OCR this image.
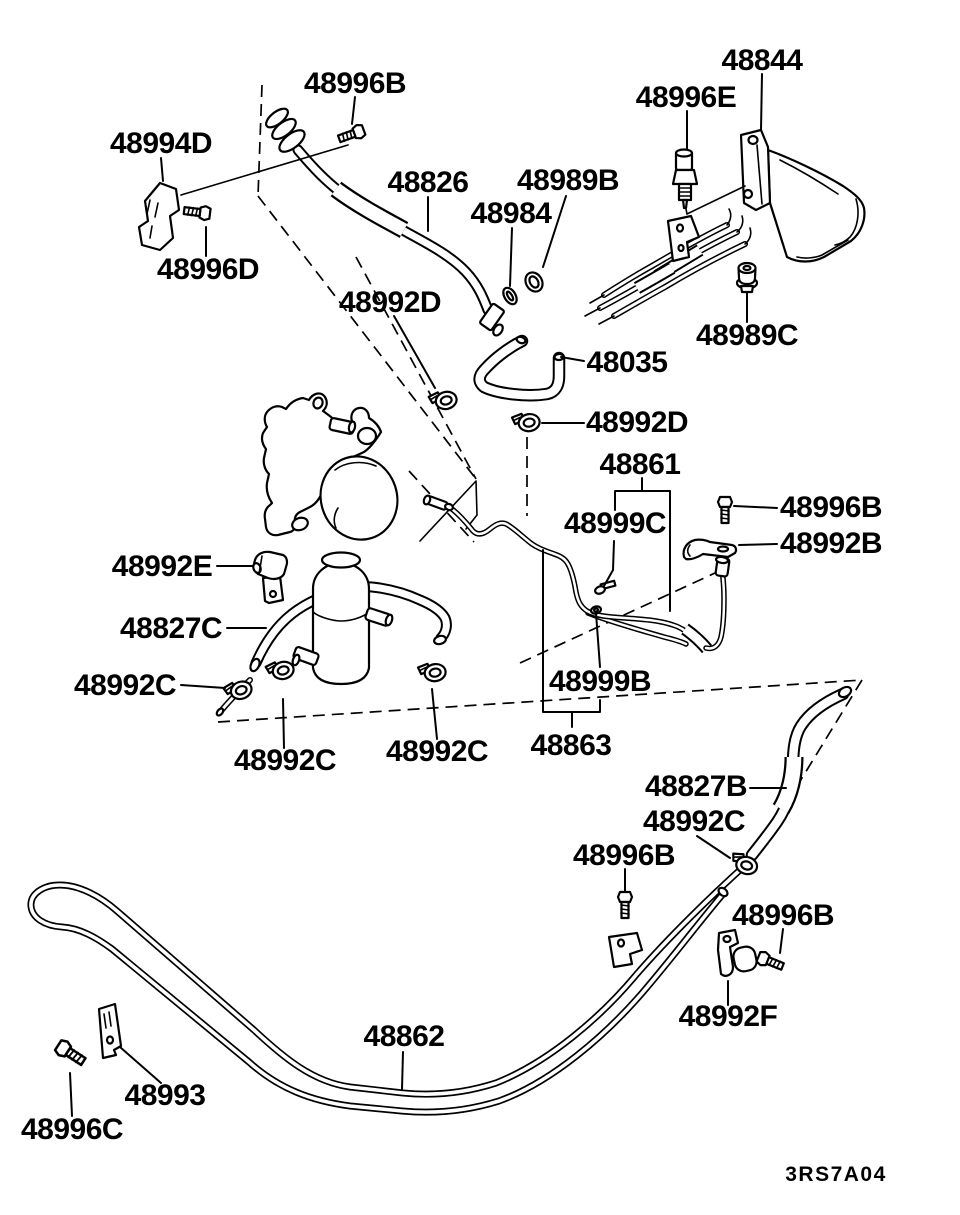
48996B
48844
48996E
48994D
48826 48989B
48984
48996D
48992D
48989C
48035
48992D
48861
48996B
48999C
48992B
48992E
48827C
48992C	48999B
48992C 48992C 48863
48827B
48992C
48996B
48996B
48992F
48862
48993
48996C
3RS7A04
